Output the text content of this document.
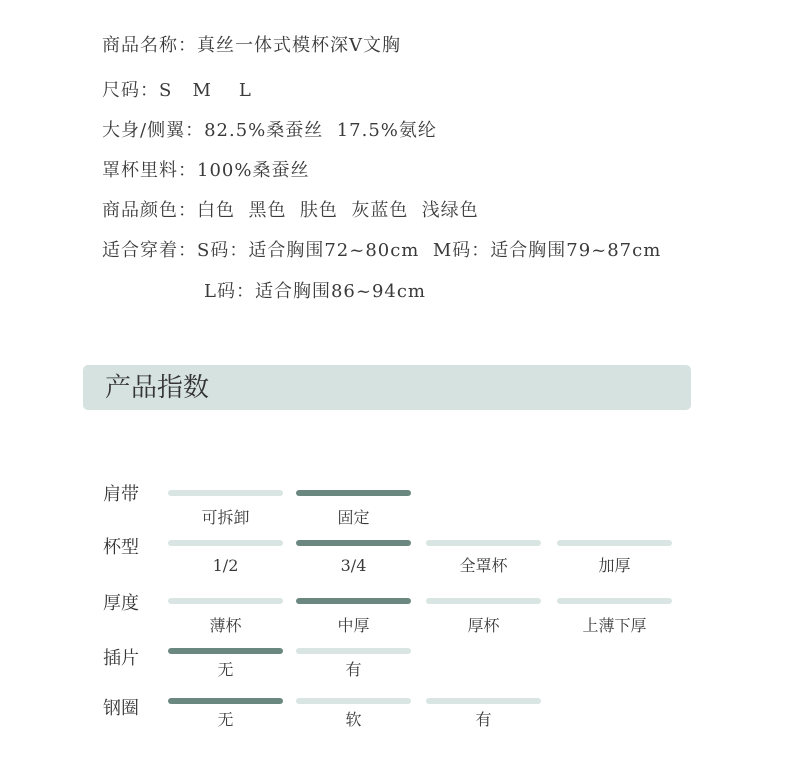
商品名称：真丝一体式模杯深V文胸
尺码：S   M    L
大身/侧翼：82.5%桑蚕丝  17.5%氨纶
罩杯里料：100%桑蚕丝
商品颜色：白色  黑色  肤色  灰蓝色  浅绿色
适合穿着：S码：适合胸围72~80cm  M码：适合胸围79~87cm
L码：适合胸围86~94cm
产品指数
肩带
可拆卸	固定
杯型
1/2	3/4	全罩杯	加厚
厚度
薄杯	中厚	厚杯	上薄下厚
插片
无	有
钢圈
无	软	有
